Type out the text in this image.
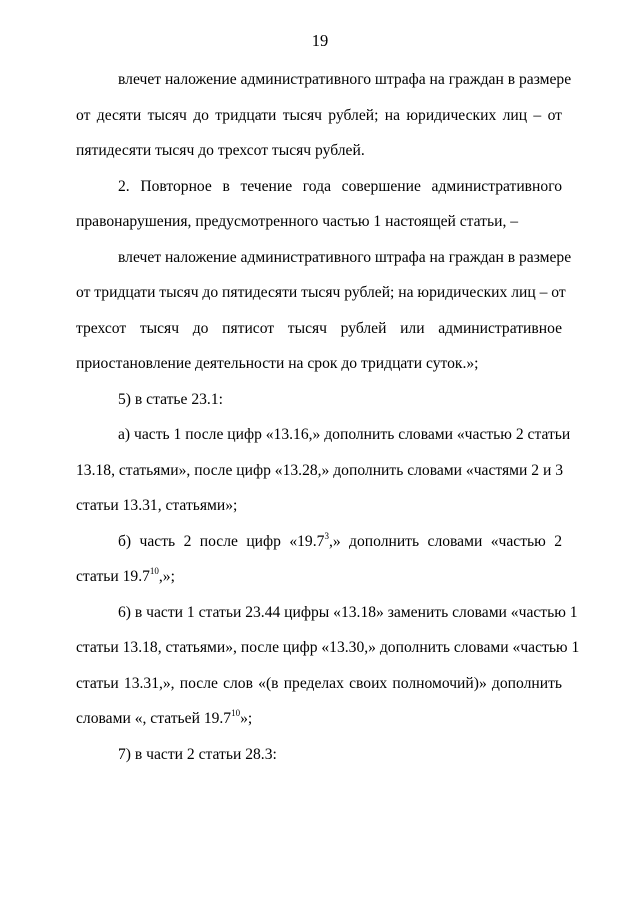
19
влечет наложение административного штрафа на граждан в размере
от десяти тысяч до тридцати тысяч рублей; на юридических лиц – от
пятидесяти тысяч до трехсот тысяч рублей.
2. Повторное в течение года совершение административного
правонарушения, предусмотренного частью 1 настоящей статьи, –
влечет наложение административного штрафа на граждан в размере
от тридцати тысяч до пятидесяти тысяч рублей; на юридических лиц – от
трехсот тысяч до пятисот тысяч рублей или административное
приостановление деятельности на срок до тридцати суток.»;
5) в статье 23.1:
а) часть 1 после цифр «13.16,» дополнить словами «частью 2 статьи
13.18, статьями», после цифр «13.28,» дополнить словами «частями 2 и 3
статьи 13.31, статьями»;
б) часть 2 после цифр «19.7$^3$,» дополнить словами «частью 2
статьи 19.7$^{10}$,»;
6) в части 1 статьи 23.44 цифры «13.18» заменить словами «частью 1
статьи 13.18, статьями», после цифр «13.30,» дополнить словами «частью 1
статьи 13.31,», после слов «(в пределах своих полномочий)» дополнить
словами «, статьей 19.7$^{10}$»;
7) в части 2 статьи 28.3:
